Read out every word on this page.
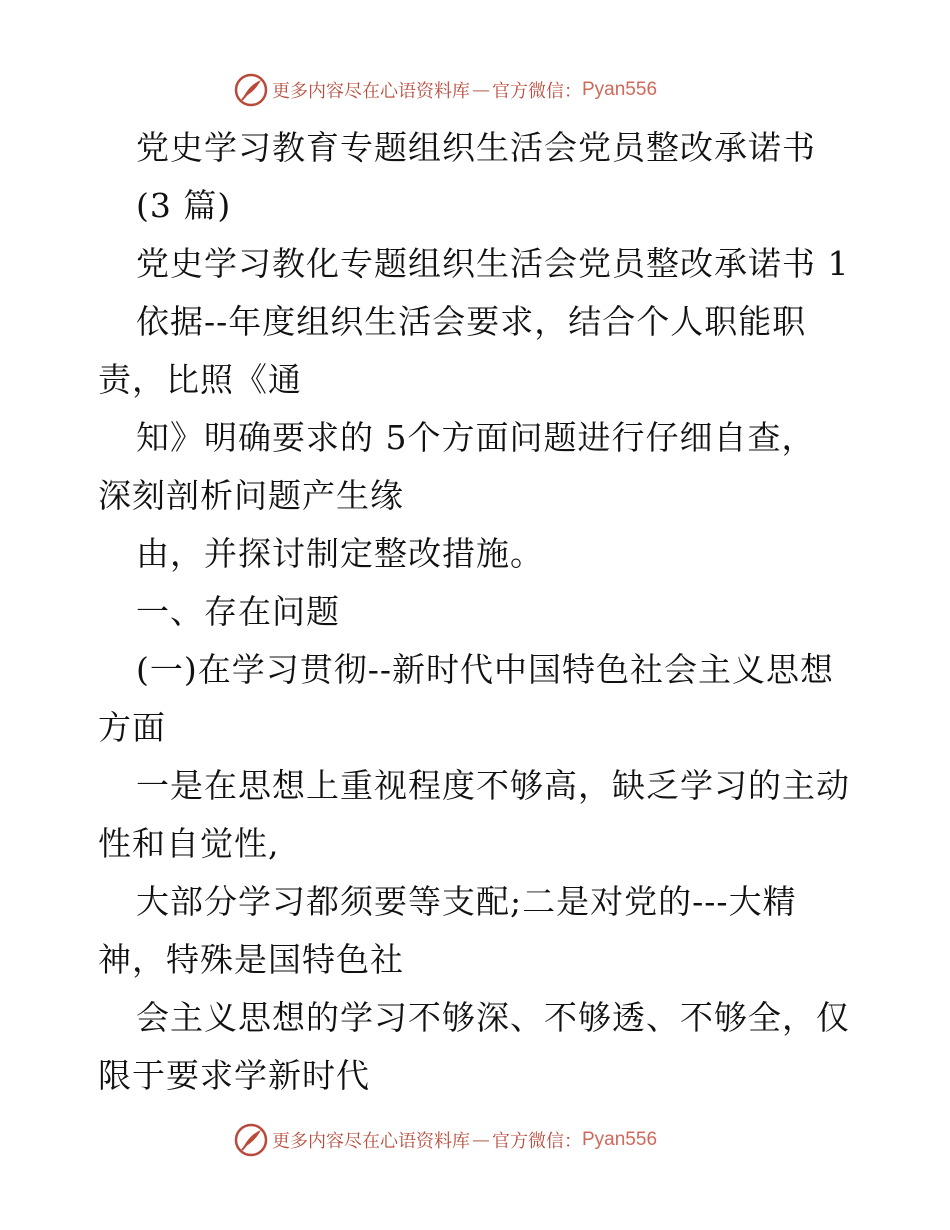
更多内容尽在心语资料库 — 官方微信： Pyan556
党史学习教育专题组织生活会党员整改承诺书
(3 篇)
党史学习教化专题组织生活会党员整改承诺书 1
依据--年度组织生活会要求，结合个人职能职
责，比照《通
知》明确要求的 5个方面问题进行仔细自查，
深刻剖析问题产生缘
由，并探讨制定整改措施。
一、存在问题
(一)在学习贯彻--新时代中国特色社会主义思想
方面
一是在思想上重视程度不够高，缺乏学习的主动
性和自觉性,
大部分学习都须要等支配;二是对党的---大精
神，特殊是国特色社
会主义思想的学习不够深、不够透、不够全，仅
限于要求学新时代
更多内容尽在心语资料库 — 官方微信： Pyan556
